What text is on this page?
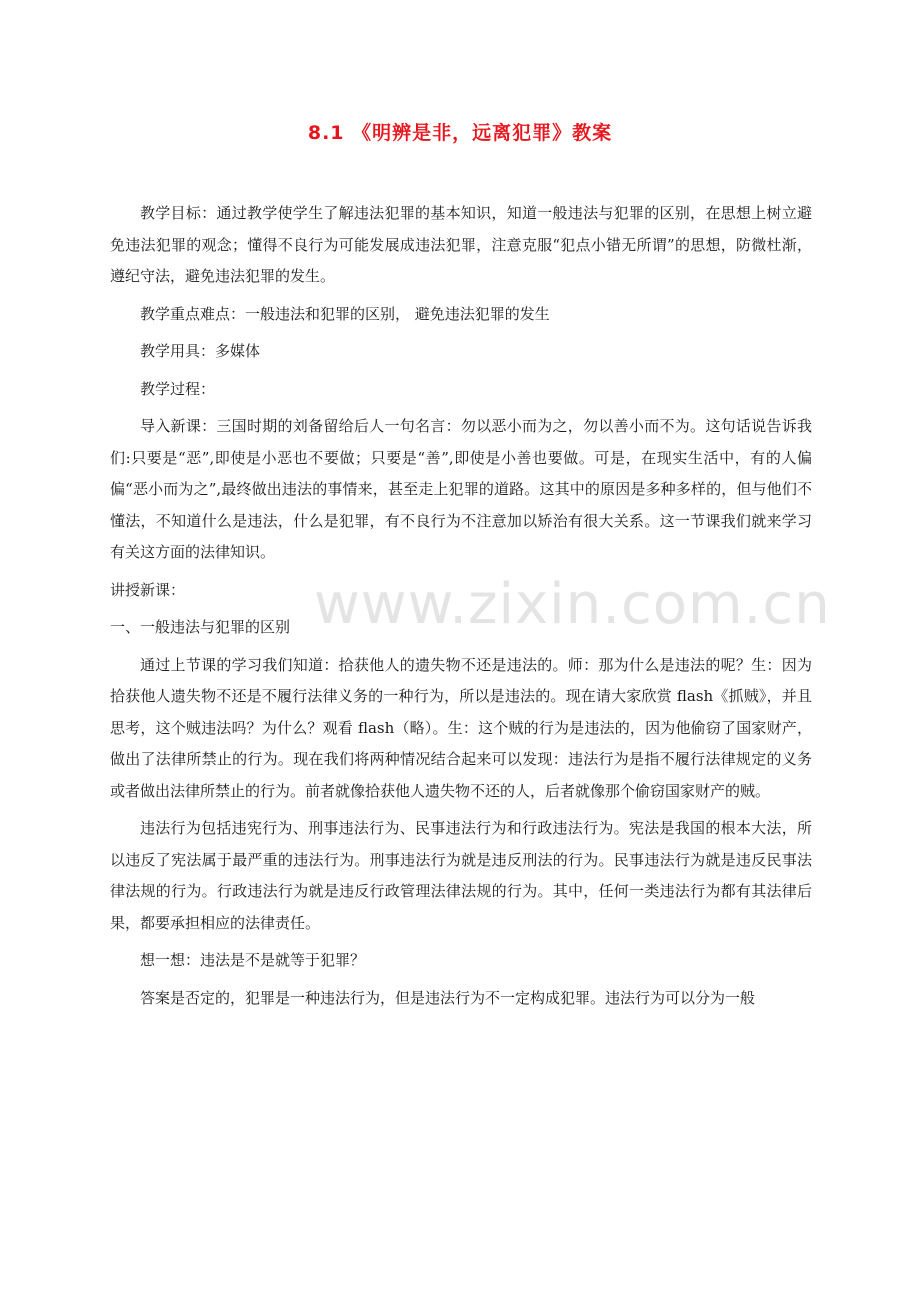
8.1 《明辨是非，远离犯罪》教案

教学目标：通过教学使学生了解违法犯罪的基本知识，知道一般违法与犯罪的区别，在思想上树立避免违法犯罪的观念；懂得不良行为可能发展成违法犯罪，注意克服“犯点小错无所谓”的思想，防微杜渐，遵纪守法，避免违法犯罪的发生。

教学重点难点：一般违法和犯罪的区别， 避免违法犯罪的发生

教学用具：多媒体

教学过程：

导入新课：三国时期的刘备留给后人一句名言：勿以恶小而为之，勿以善小而不为。这句话说告诉我们:只要是“恶”,即使是小恶也不要做；只要是“善”,即使是小善也要做。可是，在现实生活中，有的人偏偏“恶小而为之”,最终做出违法的事情来，甚至走上犯罪的道路。这其中的原因是多种多样的，但与他们不懂法，不知道什么是违法，什么是犯罪，有不良行为不注意加以矫治有很大关系。这一节课我们就来学习有关这方面的法律知识。

讲授新课：

一、一般违法与犯罪的区别

通过上节课的学习我们知道：拾获他人的遗失物不还是违法的。师：那为什么是违法的呢？生：因为拾获他人遗失物不还是不履行法律义务的一种行为，所以是违法的。现在请大家欣赏 flash《抓贼》，并且思考，这个贼违法吗？为什么？观看 flash（略）。生：这个贼的行为是违法的，因为他偷窃了国家财产，做出了法律所禁止的行为。现在我们将两种情况结合起来可以发现：违法行为是指不履行法律规定的义务或者做出法律所禁止的行为。前者就像拾获他人遗失物不还的人，后者就像那个偷窃国家财产的贼。

违法行为包括违宪行为、刑事违法行为、民事违法行为和行政违法行为。宪法是我国的根本大法，所以违反了宪法属于最严重的违法行为。刑事违法行为就是违反刑法的行为。民事违法行为就是违反民事法律法规的行为。行政违法行为就是违反行政管理法律法规的行为。其中，任何一类违法行为都有其法律后果，都要承担相应的法律责任。

想一想：违法是不是就等于犯罪？

答案是否定的，犯罪是一种违法行为，但是违法行为不一定构成犯罪。违法行为可以分为一般

www.zixin.com.cn
